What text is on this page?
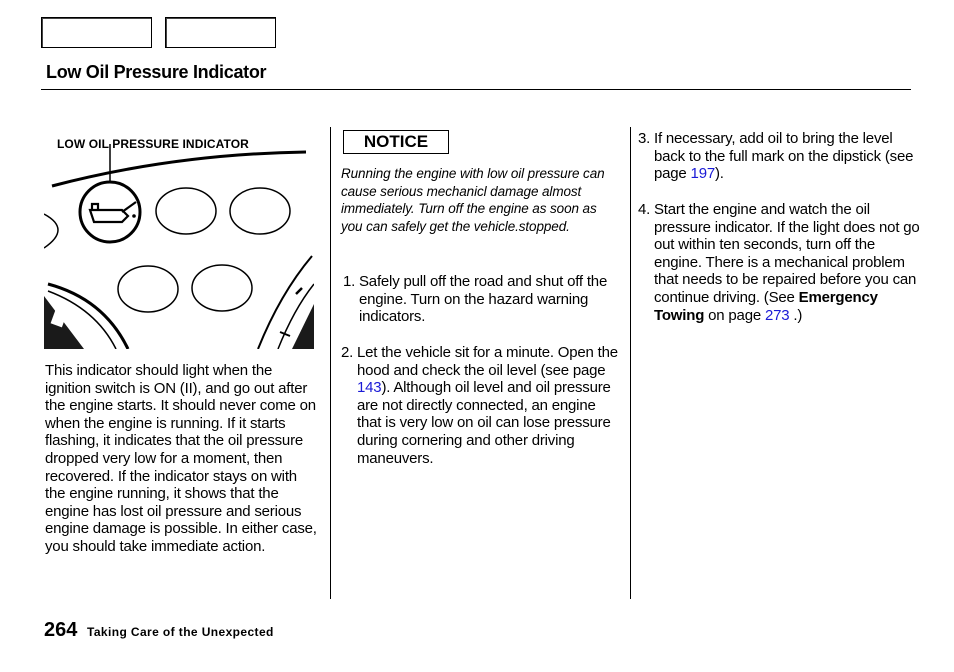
Low Oil Pressure Indicator
LOW OIL PRESSURE INDICATOR

This indicator should light when the ignition switch is ON (II), and go out after the engine starts. It should never come on when the engine is running. If it starts flashing, it indicates that the oil pressure dropped very low for a moment, then recovered. If the indicator stays on with the engine running, it shows that the engine has lost oil pressure and serious engine damage is possible. In either case, you should take immediate action.

NOTICE

Running the engine with low oil pressure can cause serious mechanicl damage almost immediately. Turn off the engine as soon as you can safely get the vehicle.stopped.

1. Safely pull off the road and shut off the engine. Turn on the hazard warning indicators.
2. Let the vehicle sit for a minute. Open the hood and check the oil level (see page 143). Although oil level and oil pressure are not directly connected, an engine that is very low on oil can lose pressure during cornering and other driving maneuvers.
3. If necessary, add oil to bring the level back to the full mark on the dipstick (see page 197).
4. Start the engine and watch the oil pressure indicator. If the light does not go out within ten seconds, turn off the engine. There is a mechanical problem that needs to be repaired before you can continue driving. (See Emergency Towing on page 273 .)
264 Taking Care of the Unexpected
